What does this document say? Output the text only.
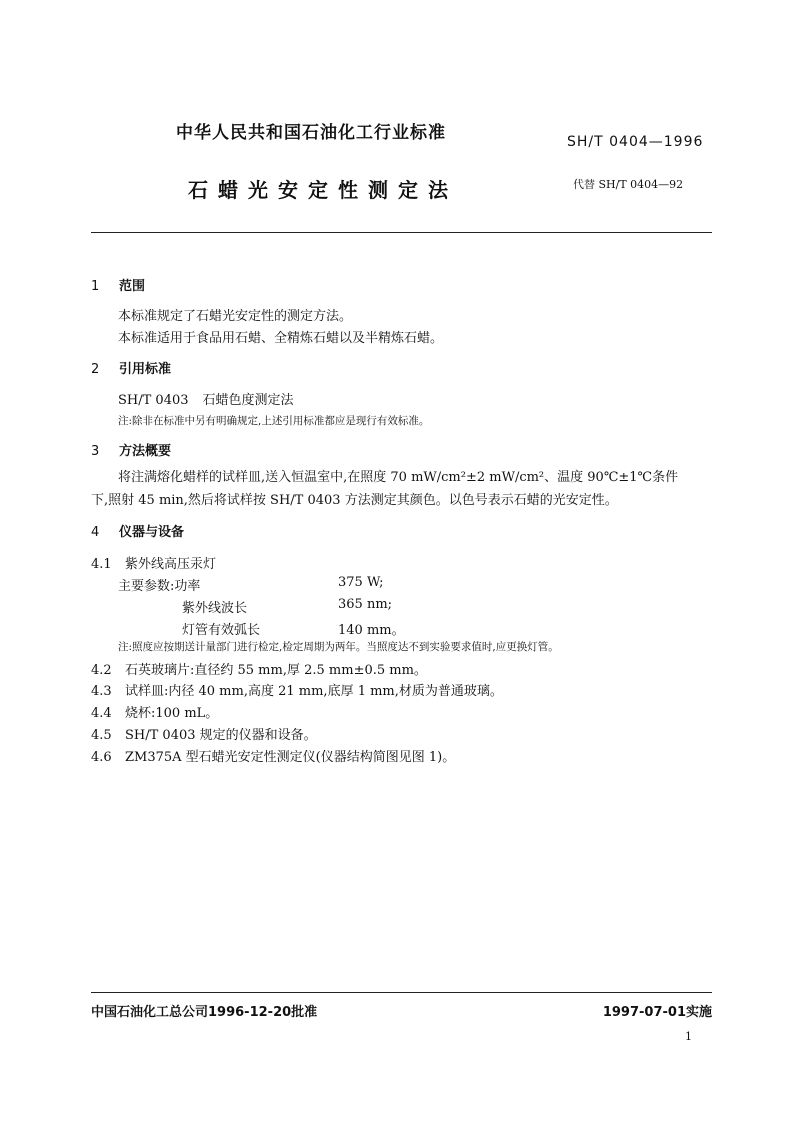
中华人民共和国石油化工行业标准	SH/T 0404—1996
石蜡光安定性测定法	代替 SH/T 0404—92
1 范围
本标准规定了石蜡光安定性的测定方法。
本标准适用于食品用石蜡、全精炼石蜡以及半精炼石蜡。
2 引用标准
SH/T 0403 石蜡色度测定法
注:除非在标准中另有明确规定,上述引用标准都应是现行有效标准。
3 方法概要
将注满熔化蜡样的试样皿,送入恒温室中,在照度 70 mW/cm²±2 mW/cm²、温度 90℃±1℃条件
下,照射 45 min,然后将试样按 SH/T 0403 方法测定其颜色。以色号表示石蜡的光安定性。
4 仪器与设备
4.1 紫外线高压汞灯
主要参数:功率	375 W;
紫外线波长	365 nm;
灯管有效弧长	140 mm。
注:照度应按期送计量部门进行检定,检定周期为两年。当照度达不到实验要求值时,应更换灯管。
4.2 石英玻璃片:直径约 55 mm,厚 2.5 mm±0.5 mm。
4.3 试样皿:内径 40 mm,高度 21 mm,底厚 1 mm,材质为普通玻璃。
4.4 烧杯:100 mL。
4.5 SH/T 0403 规定的仪器和设备。
4.6 ZM375A 型石蜡光安定性测定仪(仪器结构简图见图 1)。
中国石油化工总公司1996-12-20批准	1997-07-01实施
1
